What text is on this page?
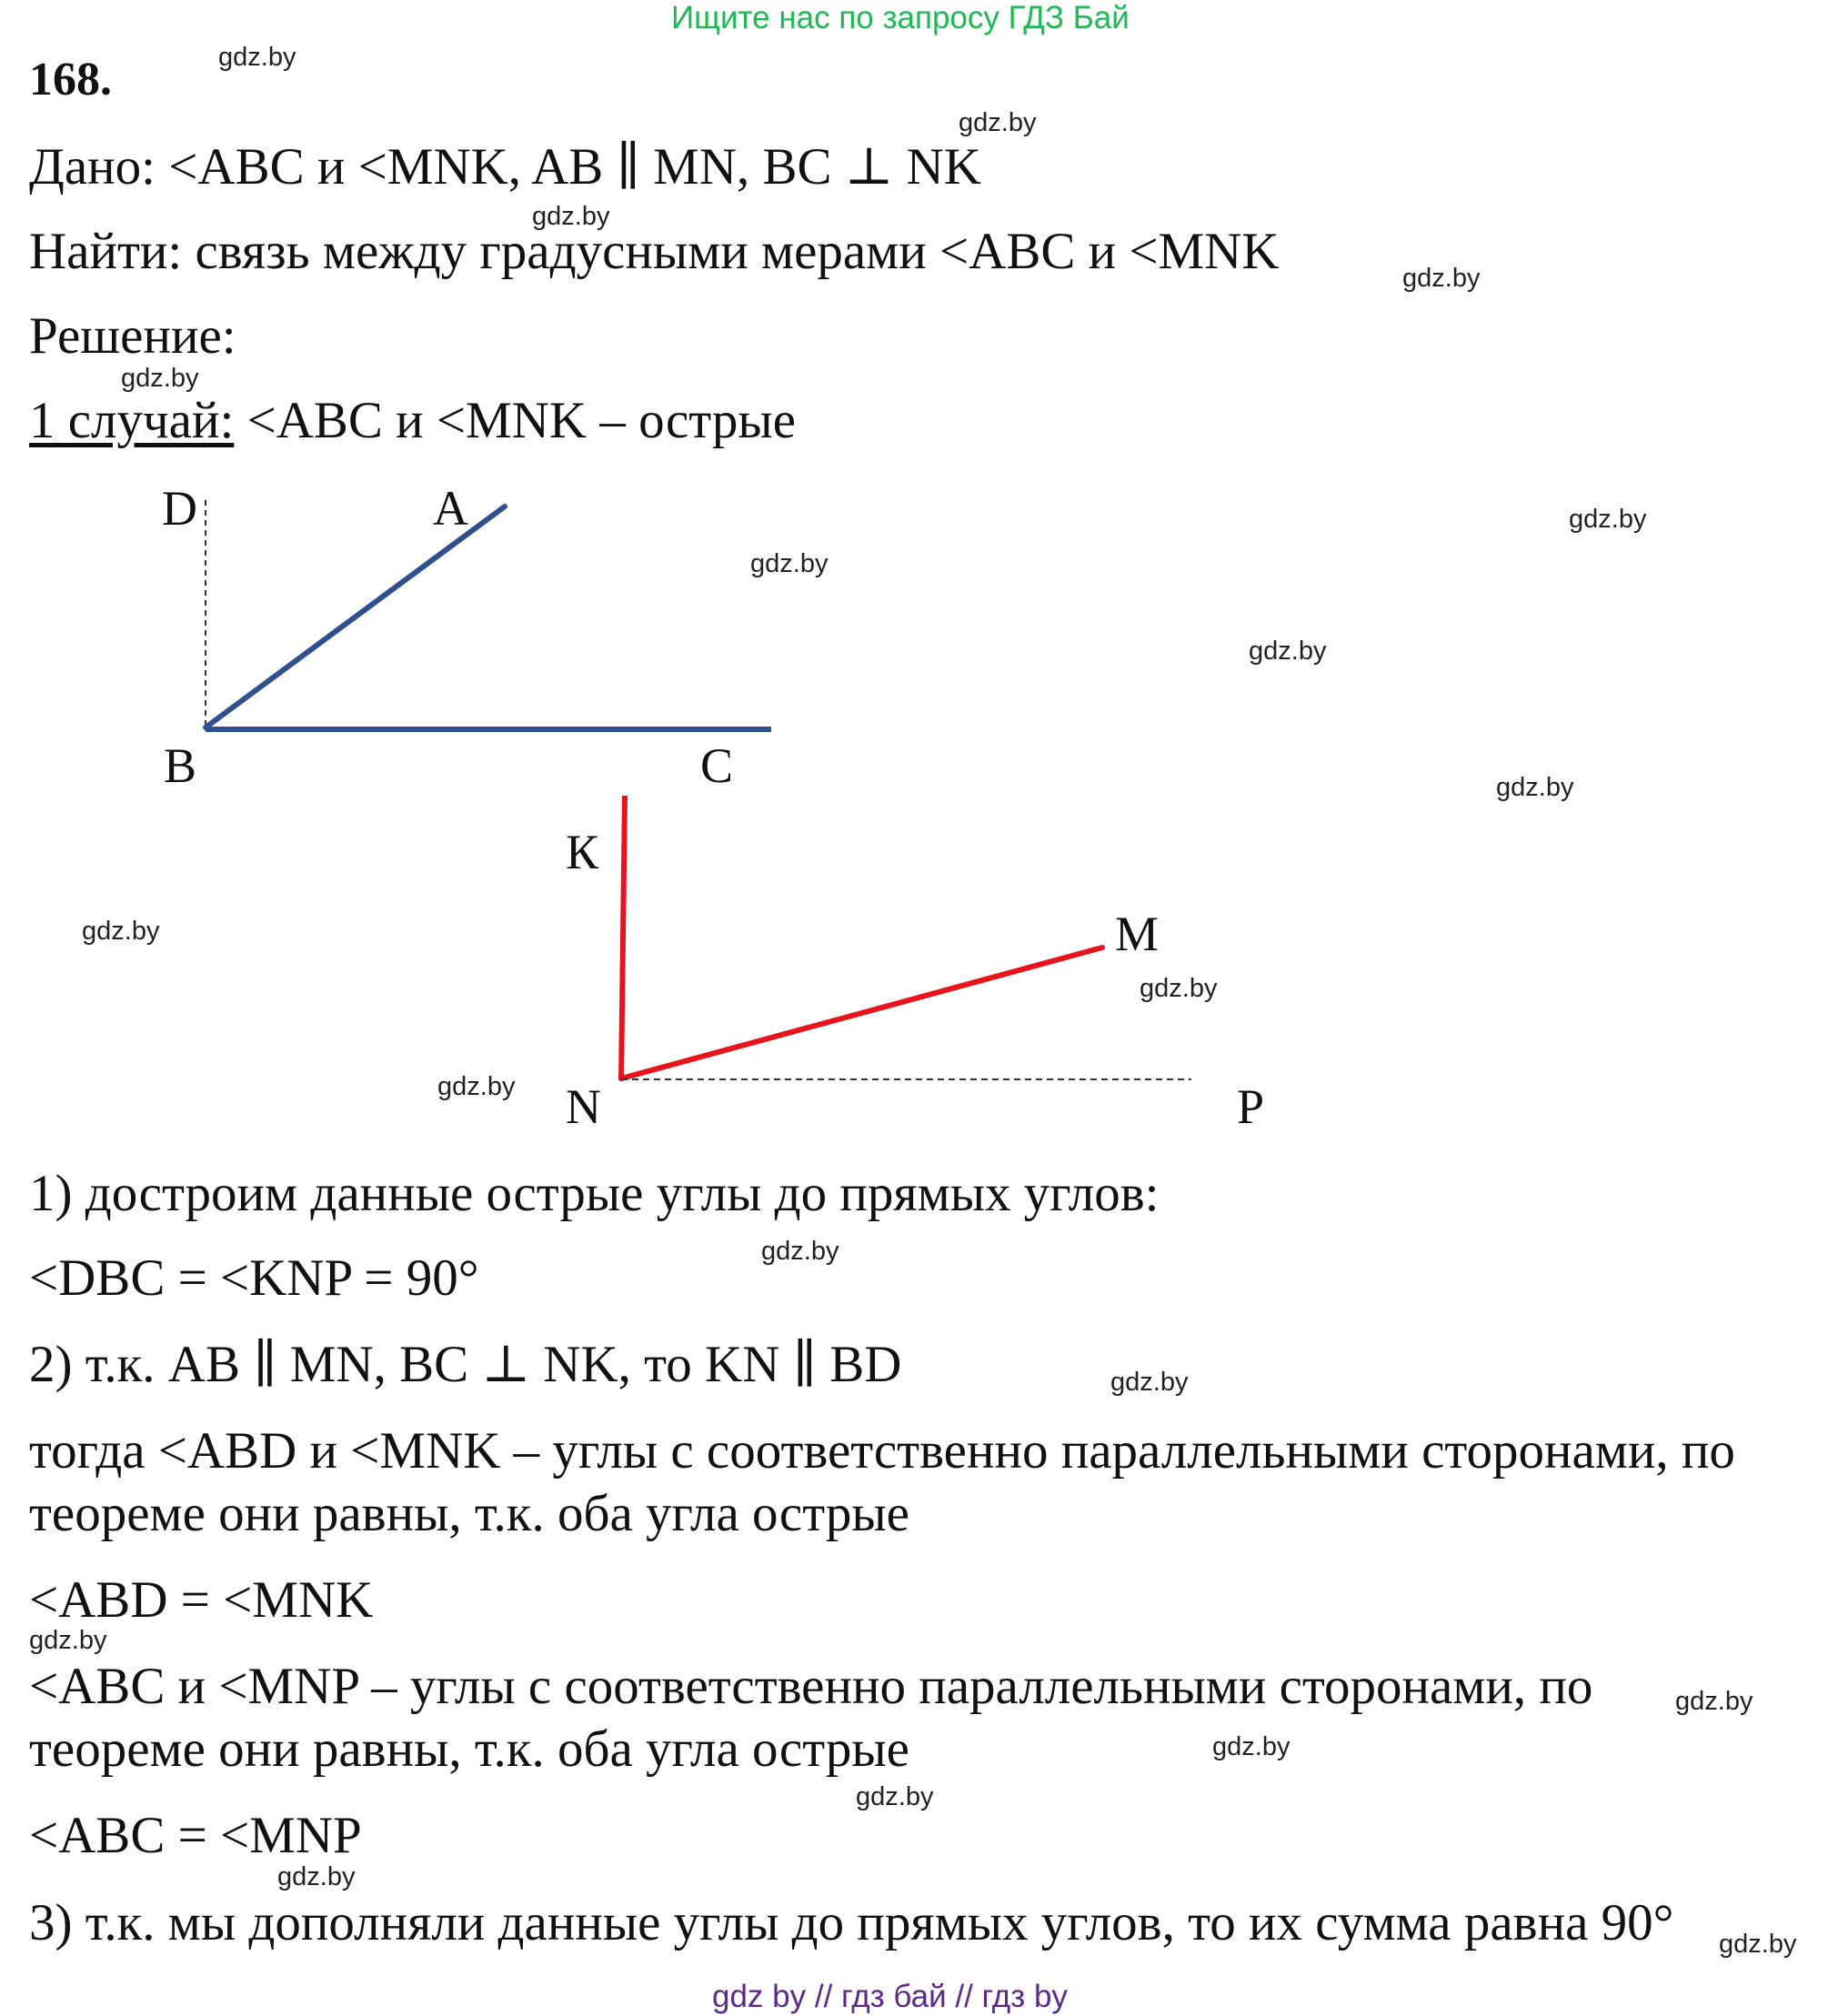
Ищите нас по запросу ГДЗ Бай
168.
Дано: <ABC и <MNK, AB ∥ MN, BC ⊥ NK
Найти: связь между градусными мерами <ABC и <MNK
Решение:
1 случай: <ABC и <MNK – острые
D	A
B	C
К
M
N	P
1) достроим данные острые углы до прямых углов:
<DBC = <KNP = 90°
2) т.к. AB ∥ MN, BC ⊥ NK, то KN ∥ BD
тогда <ABD и <MNK – углы с соответственно параллельными сторонами, по
теореме они равны, т.к. оба угла острые
<ABD = <MNK
<ABC и <MNP – углы с соответственно параллельными сторонами, по
теореме они равны, т.к. оба угла острые
<ABC = <MNP
3) т.к. мы дополняли данные углы до прямых углов, то их сумма равна 90°
gdz.by
gdz.by
gdz.by
gdz.by
gdz.by
gdz.by
gdz.by
gdz.by
gdz.by
gdz.by
gdz.by
gdz.by
gdz.by
gdz.by
gdz.by
gdz.by
gdz.by
gdz.by
gdz.by
gdz.by
gdz by // гдз бай // гдз by
